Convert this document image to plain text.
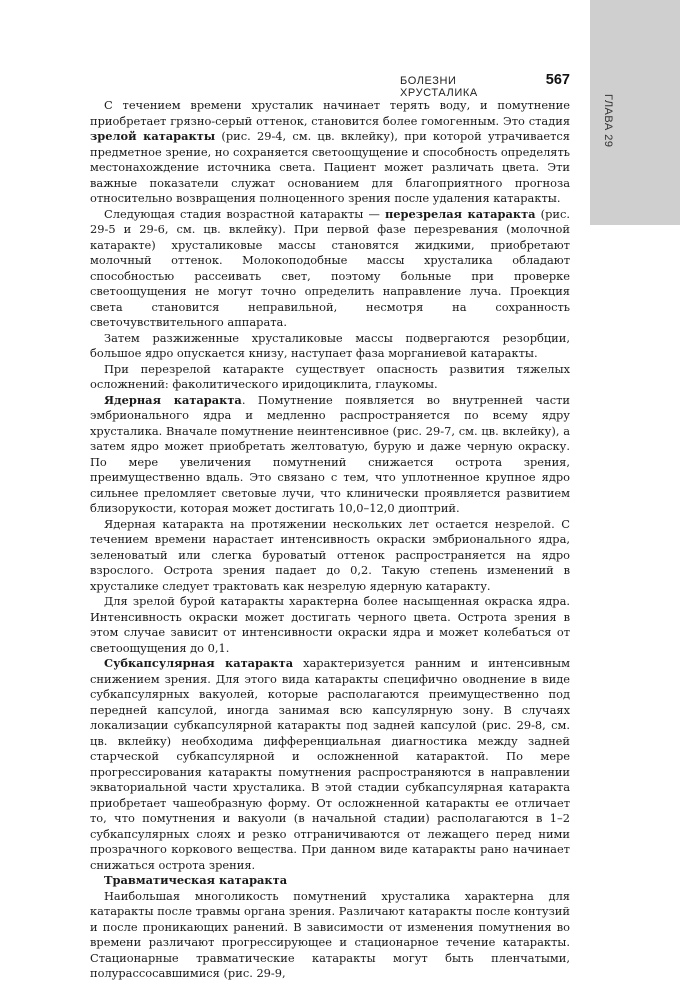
ГЛАВА 29
БОЛЕЗНИ ХРУСТАЛИКА
567

С течением времени хрусталик начинает терять воду, и помутнение приобретает грязно-серый оттенок, становится более гомогенным. Это стадия зрелой катаракты (рис. 29-4, см. цв. вклейку), при которой утрачивается предметное зрение, но сохраняется светоощущение и способность определять местонахождение источника света. Пациент может различать цвета. Эти важные показатели служат основанием для благоприятного прогноза относительно возвращения полноценного зрения после удаления катаракты.

Следующая стадия возрастной катаракты — перезрелая катаракта (рис. 29-5 и 29-6, см. цв. вклейку). При первой фазе перезревания (молочной катаракте) хрусталиковые массы становятся жидкими, приобретают молочный оттенок. Молокоподобные массы хрусталика обладают способностью рассеивать свет, поэтому больные при проверке светоощущения не могут точно определить направление луча. Проекция света становится неправильной, несмотря на сохранность светочувствительного аппарата.

Затем разжиженные хрусталиковые массы подвергаются резорбции, большое ядро опускается книзу, наступает фаза морганиевой катаракты.

При перезрелой катаракте существует опасность развития тяжелых осложнений: факолитического иридоциклита, глаукомы.

Ядерная катаракта. Помутнение появляется во внутренней части эмбрионального ядра и медленно распространяется по всему ядру хрусталика. Вначале помутнение неинтенсивное (рис. 29-7, см. цв. вклейку), а затем ядро может приобретать желтоватую, бурую и даже черную окраску. По мере увеличения помутнений снижается острота зрения, преимущественно вдаль. Это связано с тем, что уплотненное крупное ядро сильнее преломляет световые лучи, что клинически проявляется развитием близорукости, которая может достигать 10,0–12,0 диоптрий.

Ядерная катаракта на протяжении нескольких лет остается незрелой. С течением времени нарастает интенсивность окраски эмбрионального ядра, зеленоватый или слегка буроватый оттенок распространяется на ядро взрослого. Острота зрения падает до 0,2. Такую степень изменений в хрусталике следует трактовать как незрелую ядерную катаракту.

Для зрелой бурой катаракты характерна более насыщенная окраска ядра. Интенсивность окраски может достигать черного цвета. Острота зрения в этом случае зависит от интенсивности окраски ядра и может колебаться от светоощущения до 0,1.

Субкапсулярная катаракта характеризуется ранним и интенсивным снижением зрения. Для этого вида катаракты специфично оводнение в виде субкапсулярных вакуолей, которые располагаются преимущественно под передней капсулой, иногда занимая всю капсулярную зону. В случаях локализации субкапсулярной катаракты под задней капсулой (рис. 29-8, см. цв. вклейку) необходима дифференциальная диагностика между задней старческой субкапсулярной и осложненной катарактой. По мере прогрессирования катаракты помутнения распространяются в направлении экваториальной части хрусталика. В этой стадии субкапсулярная катаракта приобретает чашеобразную форму. От осложненной катаракты ее отличает то, что помутнения и вакуоли (в начальной стадии) располагаются в 1–2 субкапсулярных слоях и резко отграничиваются от лежащего перед ними прозрачного коркового вещества. При данном виде катаракты рано начинает снижаться острота зрения.

Травматическая катаракта

Наибольшая многоликость помутнений хрусталика характерна для катаракты после травмы органа зрения. Различают катаракты после контузий и после проникающих ранений. В зависимости от изменения помутнения во времени различают прогрессирующее и стационарное течение катаракты. Стационарные травматические катаракты могут быть пленчатыми, полурассосавшимися (рис. 29-9,
